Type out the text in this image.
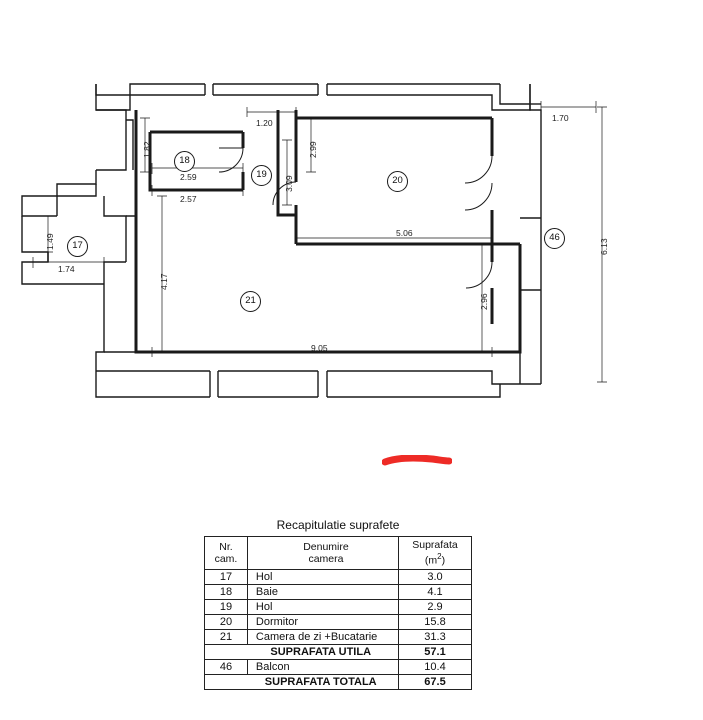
17
18
19
20
21
46
1.20	1.70
1.82	2.99
3.09
2.59
2.57
6.13
5.06
1.49
1.74
4.17
2.96
9.05
Recapitulatie suprafete
Nr.
cam.

Denumire
camera

Suprafata
$(m^2)$

17	Hol	3.0
18	Baie	4.1
19	Hol	2.9
20	Dormitor	15.8
21	Camera de zi +Bucatarie	31.3
	SUPRAFATA UTILA	57.1
46	Balcon	10.4
	SUPRAFATA TOTALA	67.5
